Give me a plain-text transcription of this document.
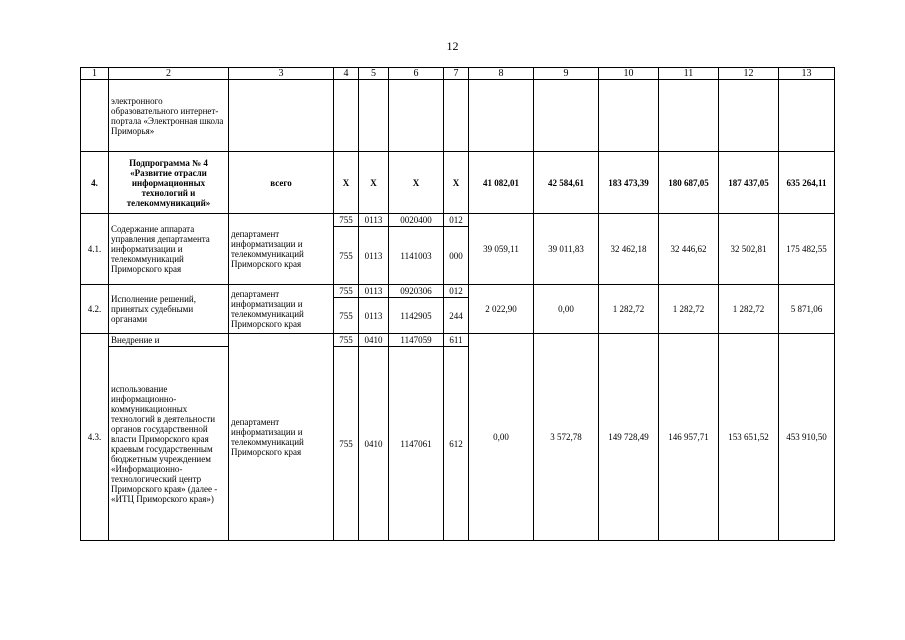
12
1	2	3	4	5	6	7	8	9	10	11	12	13
	электронного образовательного интернет-портала «Электронная школа Приморья»											
4.	Подпрограмма № 4 «Развитие отрасли информационных технологий и телекоммуникаций»	всего	Х	Х	Х	Х	41 082,01	42 584,61	183 473,39	180 687,05	187 437,05	635 264,11
4.1.	Содержание аппарата управления департамента информатизации и телекоммуникаций Приморского края	департамент информатизации и телекоммуникаций Приморского края	755	0113	0020400	012	39 059,11	39 011,83	32 462,18	32 446,62	32 502,81	175 482,55
			755	0113	1141003	000						
4.2.	Исполнение решений, принятых судебными органами	департамент информатизации и телекоммуникаций Приморского края	755	0113	0920306	012	2 022,90	0,00	1 282,72	1 282,72	1 282,72	5 871,06
			755	0113	1142905	244						
4.3.	Внедрение и	департамент информатизации и телекоммуникаций Приморского края	755	0410	1147059	611	0,00	3 572,78	149 728,49	146 957,71	153 651,52	453 910,50
	использование информационно-коммуникационных технологий в деятельности органов государственной власти Приморского края краевым государственным бюджетным учреждением «Информационно-технологический центр Приморского края» (далее - «ИТЦ Приморского края»)		755	0410	1147061	612						
